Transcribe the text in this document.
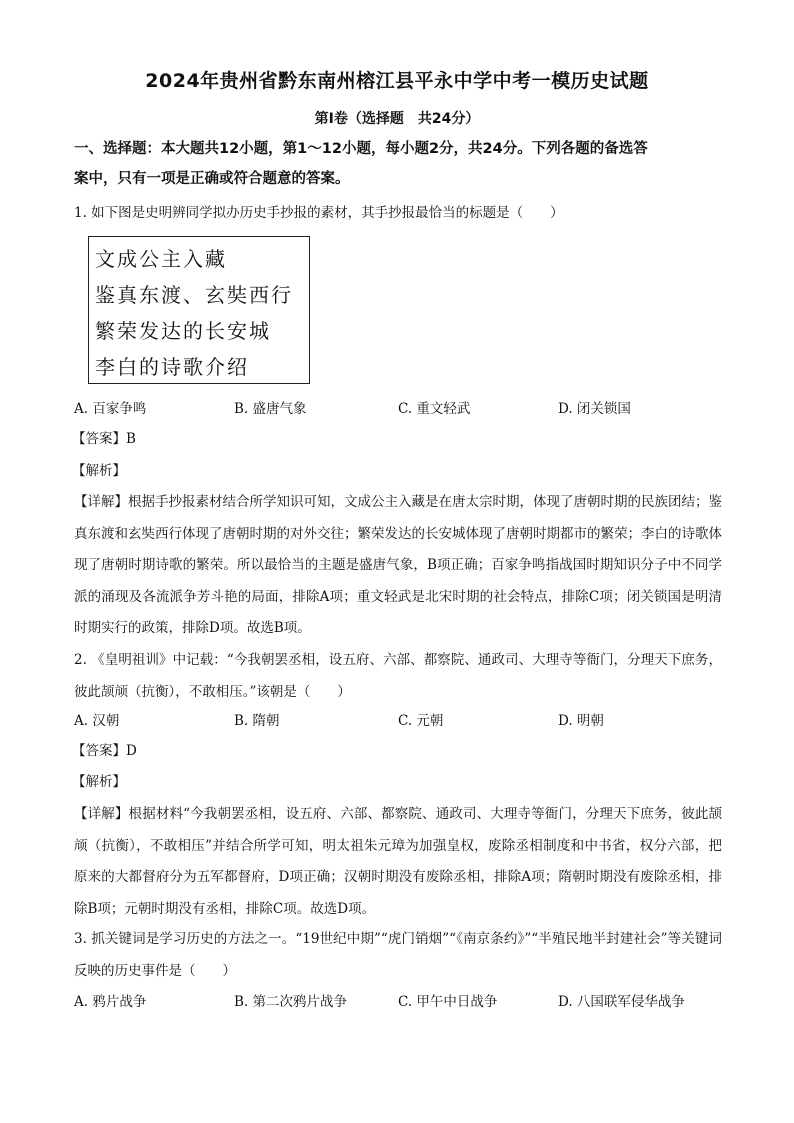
2024年贵州省黔东南州榕江县平永中学中考一模历史试题
第Ⅰ卷（选择题　共24分）
一、选择题：本大题共12小题，第1～12小题，每小题2分，共24分。下列各题的备选答
案中，只有一项是正确或符合题意的答案。
1. 如下图是史明辨同学拟办历史手抄报的素材，其手抄报最恰当的标题是（　　）
文成公主入藏
鉴真东渡、玄奘西行
繁荣发达的长安城
李白的诗歌介绍
A. 百家争鸣	B. 盛唐气象	C. 重文轻武	D. 闭关锁国
【答案】B
【解析】
【详解】根据手抄报素材结合所学知识可知，文成公主入藏是在唐太宗时期，体现了唐朝时期的民族团结；鉴真东渡和玄奘西行体现了唐朝时期的对外交往；繁荣发达的长安城体现了唐朝时期都市的繁荣；李白的诗歌体现了唐朝时期诗歌的繁荣。所以最恰当的主题是盛唐气象，B项正确；百家争鸣指战国时期知识分子中不同学派的涌现及各流派争芳斗艳的局面，排除A项；重文轻武是北宋时期的社会特点，排除C项；闭关锁国是明清时期实行的政策，排除D项。故选B项。
2. 《皇明祖训》中记载：“今我朝罢丞相，设五府、六部、都察院、通政司、大理寺等衙门，分理天下庶务，彼此颉颃（抗衡），不敢相压。”该朝是（　　）
A. 汉朝	B. 隋朝	C. 元朝	D. 明朝
【答案】D
【解析】
【详解】根据材料“今我朝罢丞相，设五府、六部、都察院、通政司、大理寺等衙门，分理天下庶务，彼此颉颃（抗衡），不敢相压”并结合所学可知，明太祖朱元璋为加强皇权，废除丞相制度和中书省，权分六部，把原来的大都督府分为五军都督府，D项正确；汉朝时期没有废除丞相，排除A项；隋朝时期没有废除丞相，排除B项；元朝时期没有丞相，排除C项。故选D项。
3. 抓关键词是学习历史的方法之一。“19世纪中期”“虎门销烟”“《南京条约》”“半殖民地半封建社会”等关键词反映的历史事件是（　　）
A. 鸦片战争	B. 第二次鸦片战争	C. 甲午中日战争	D. 八国联军侵华战争
